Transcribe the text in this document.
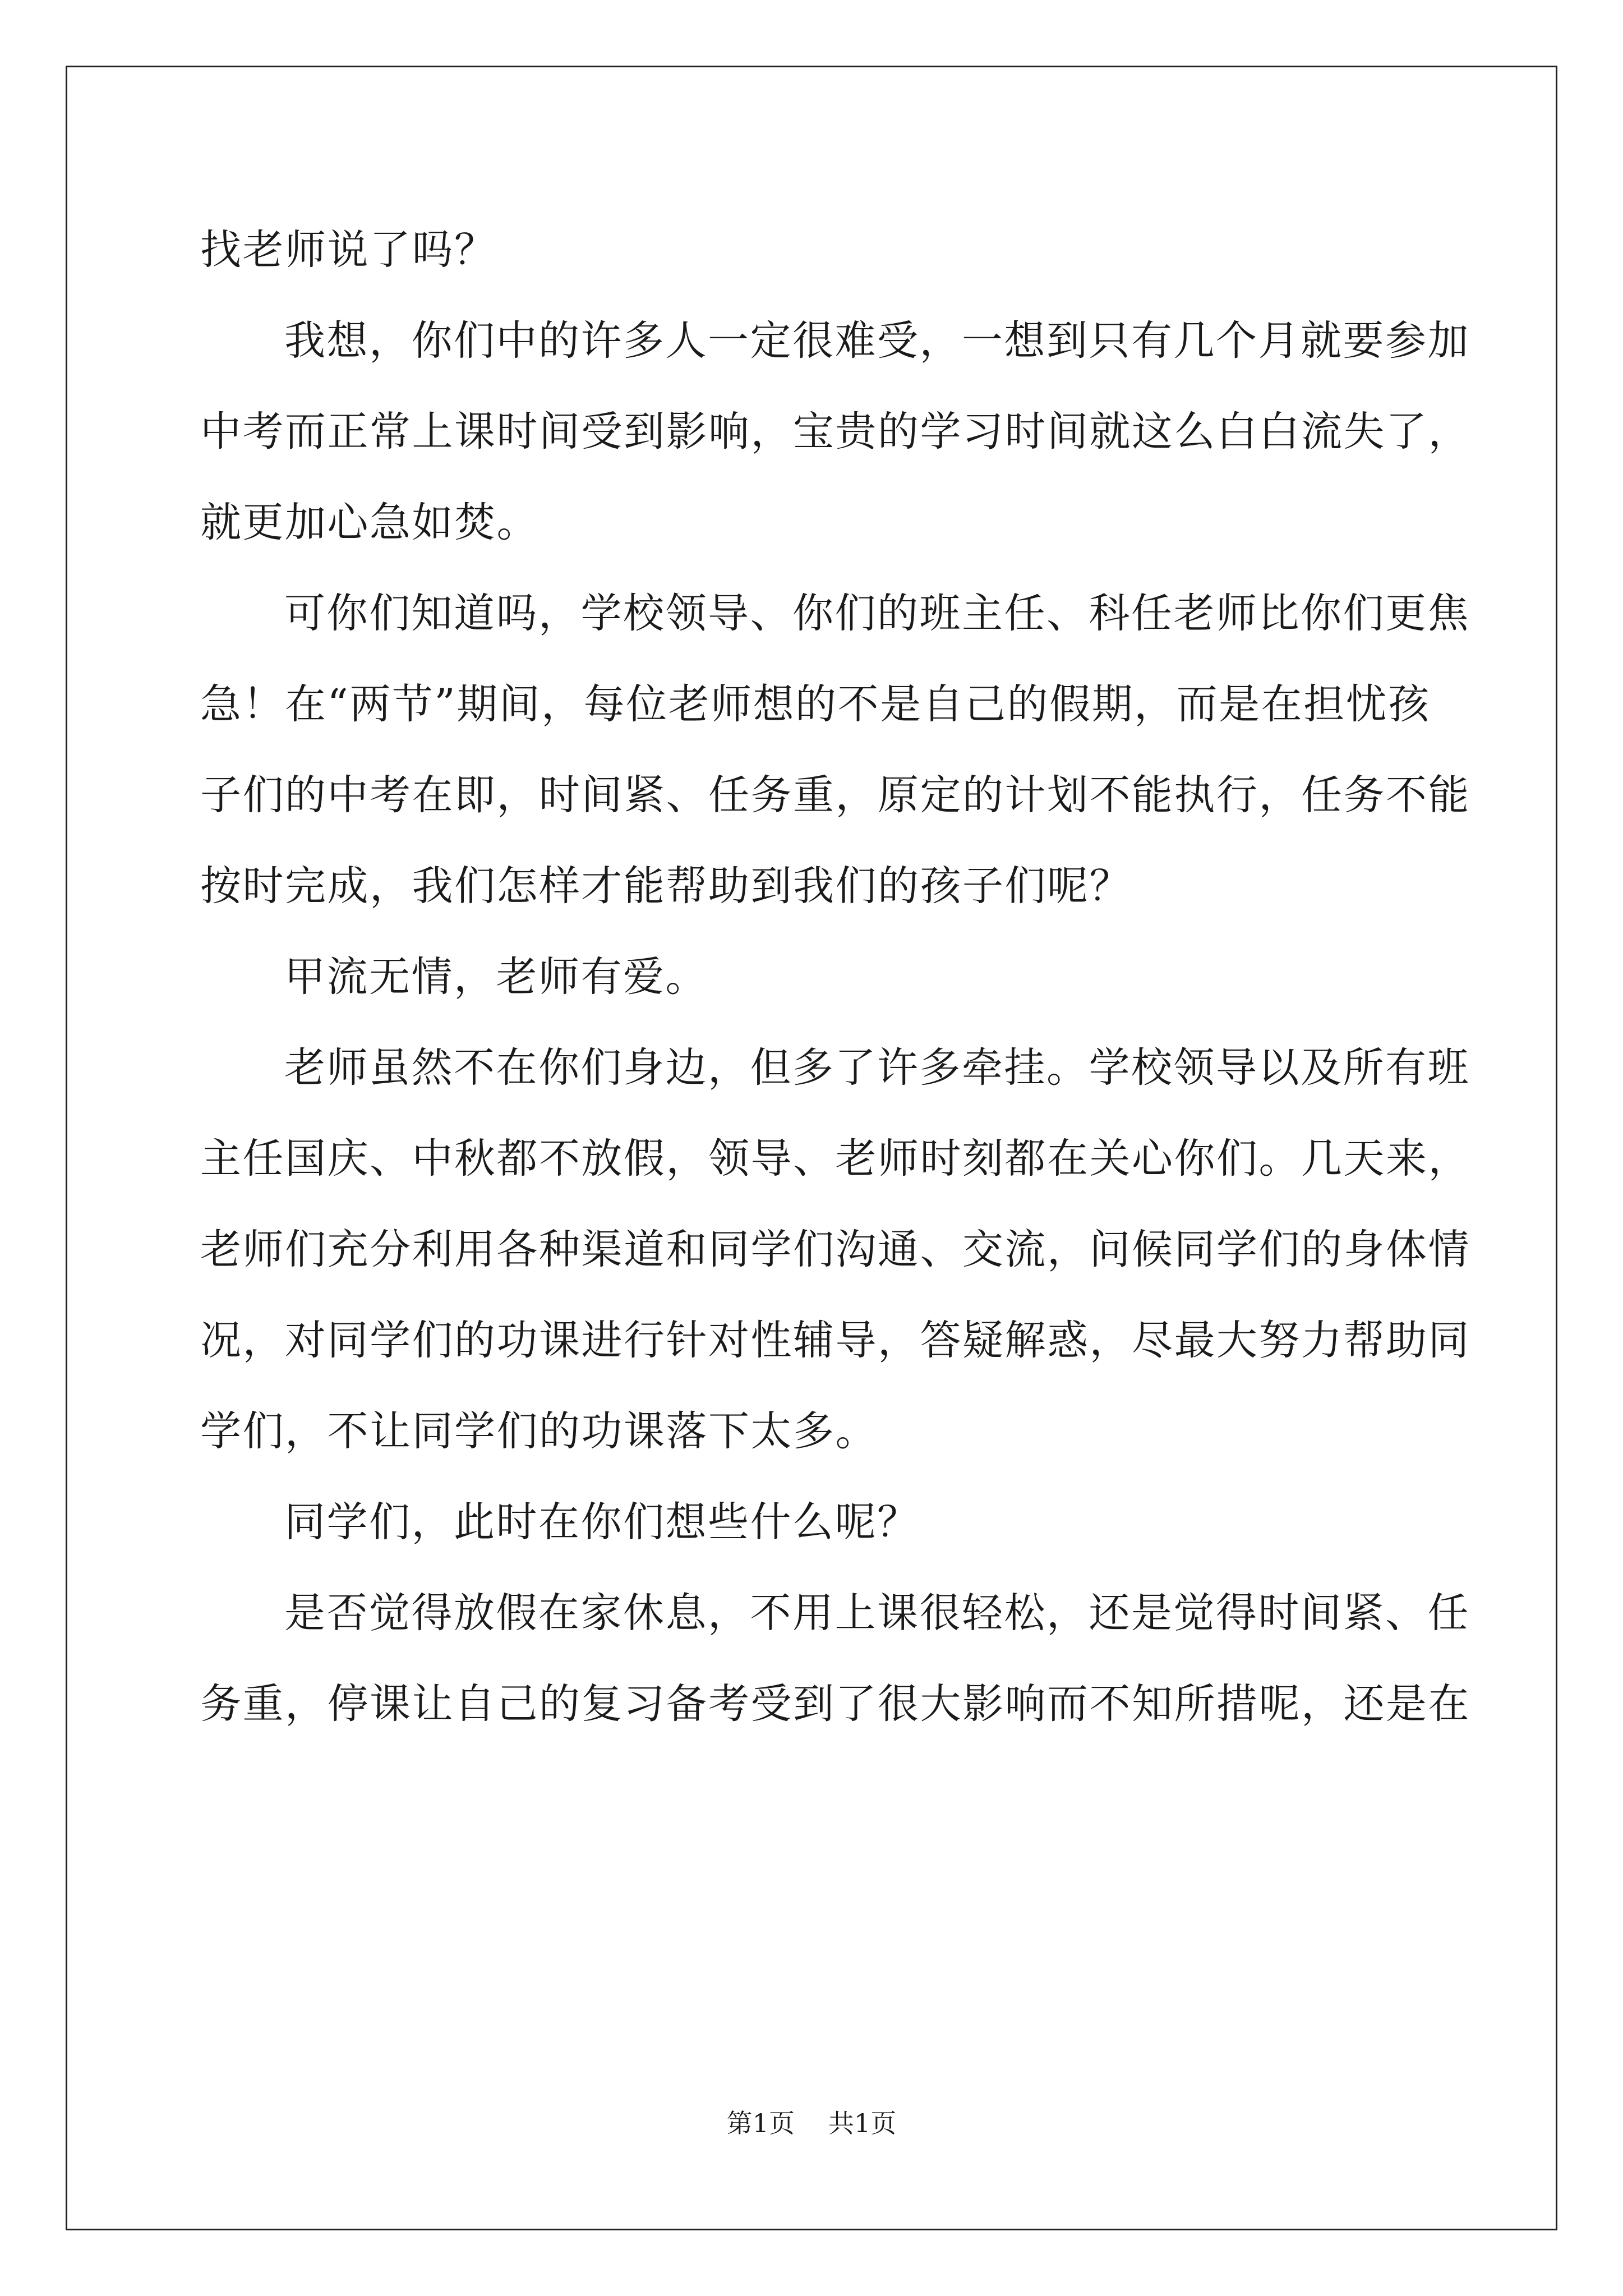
找老师说了吗？
我想，你们中的许多人一定很难受，一想到只有几个月就要参加
中考而正常上课时间受到影响，宝贵的学习时间就这么白白流失了，
就更加心急如焚。
可你们知道吗，学校领导、你们的班主任、科任老师比你们更焦
急！在“两节”期间，每位老师想的不是自己的假期，而是在担忧孩
子们的中考在即，时间紧、任务重，原定的计划不能执行，任务不能
按时完成，我们怎样才能帮助到我们的孩子们呢？
甲流无情，老师有爱。
老师虽然不在你们身边，但多了许多牵挂。学校领导以及所有班
主任国庆、中秋都不放假，领导、老师时刻都在关心你们。几天来，
老师们充分利用各种渠道和同学们沟通、交流，问候同学们的身体情
况，对同学们的功课进行针对性辅导，答疑解惑，尽最大努力帮助同
学们，不让同学们的功课落下太多。
同学们，此时在你们想些什么呢？
是否觉得放假在家休息，不用上课很轻松，还是觉得时间紧、任
务重，停课让自己的复习备考受到了很大影响而不知所措呢，还是在
第1页 共1页
